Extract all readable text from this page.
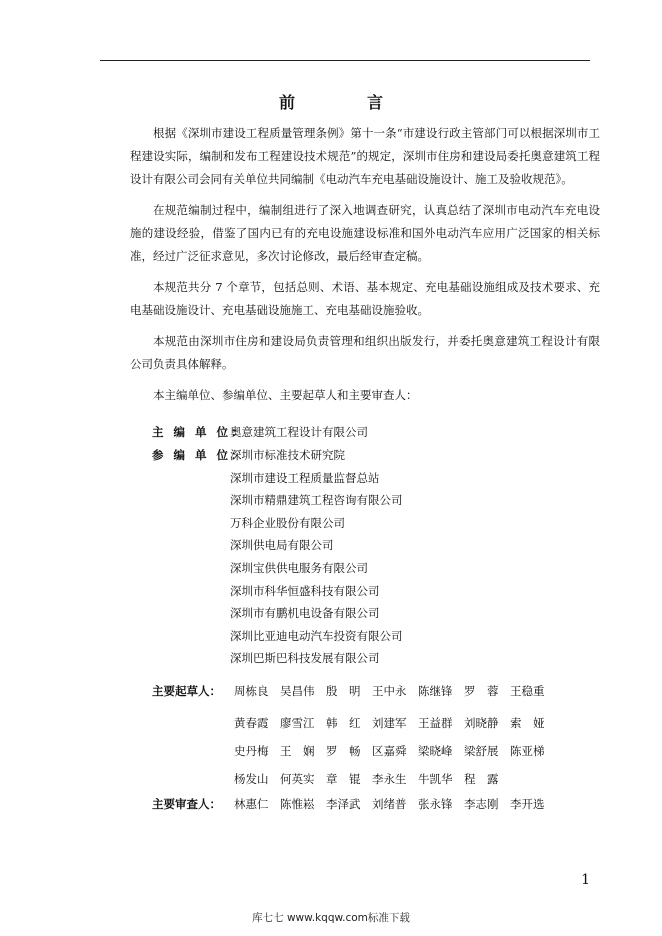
前　言

根据《深圳市建设工程质量管理条例》第十一条“市建设行政主管部门可以根据深圳市工程建设实际，编制和发布工程建设技术规范”的规定，深圳市住房和建设局委托奥意建筑工程设计有限公司会同有关单位共同编制《电动汽车充电基础设施设计、施工及验收规范》。

在规范编制过程中，编制组进行了深入地调查研究，认真总结了深圳市电动汽车充电设施的建设经验，借鉴了国内已有的充电设施建设标准和国外电动汽车应用广泛国家的相关标准，经过广泛征求意见，多次讨论修改，最后经审查定稿。

本规范共分 7 个章节，包括总则、术语、基本规定、充电基础设施组成及技术要求、充电基础设施设计、充电基础设施施工、充电基础设施验收。

本规范由深圳市住房和建设局负责管理和组织出版发行，并委托奥意建筑工程设计有限公司负责具体解释。

本主编单位、参编单位、主要起草人和主要审查人：

主 编 单 位：
奥意建筑工程设计有限公司
参 编 单 位：
深圳市标准技术研究院
深圳市建设工程质量监督总站
深圳市精鼎建筑工程咨询有限公司
万科企业股份有限公司
深圳供电局有限公司
深圳宝供供电服务有限公司
深圳市科华恒盛科技有限公司
深圳市有鹏机电设备有限公司
深圳比亚迪电动汽车投资有限公司
深圳巴斯巴科技发展有限公司
主要起草人：	周栋良	吴昌伟	殷　明	王中永	陈继锋	罗　蓉	王稳重
黄春霞	廖雪江	韩　红	刘建军	王益群	刘晓静	索　娅
史丹梅	王　娴	罗　畅	区嘉舜	梁晓峰	梁舒展	陈亚梯
杨发山	何英实	章　锟	李永生	牛凯华	程　露
主要审查人：	林惠仁	陈惟崧	李泽武	刘绪普	张永锋	李志刚	李开选
1
库七七 www.kqqw.com标准下载
